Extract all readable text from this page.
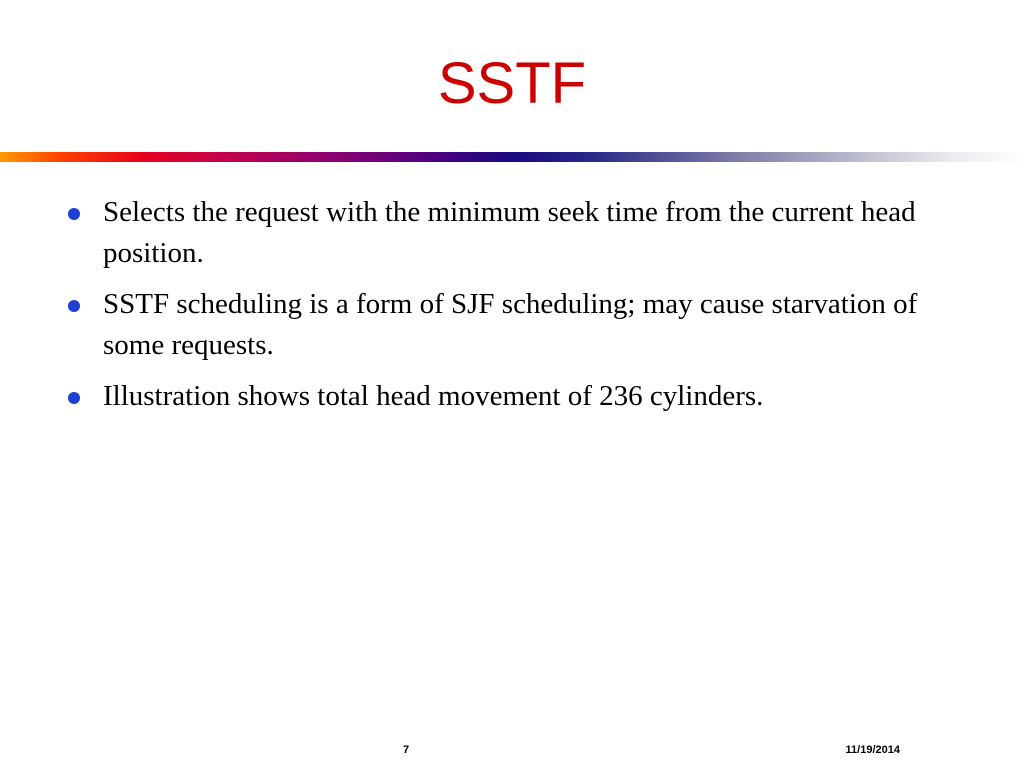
SSTF
Selects the request with the minimum seek time from the current head position.
SSTF scheduling is a form of SJF scheduling; may cause starvation of some requests.
Illustration shows total head movement of 236 cylinders.
7	11/19/2014
